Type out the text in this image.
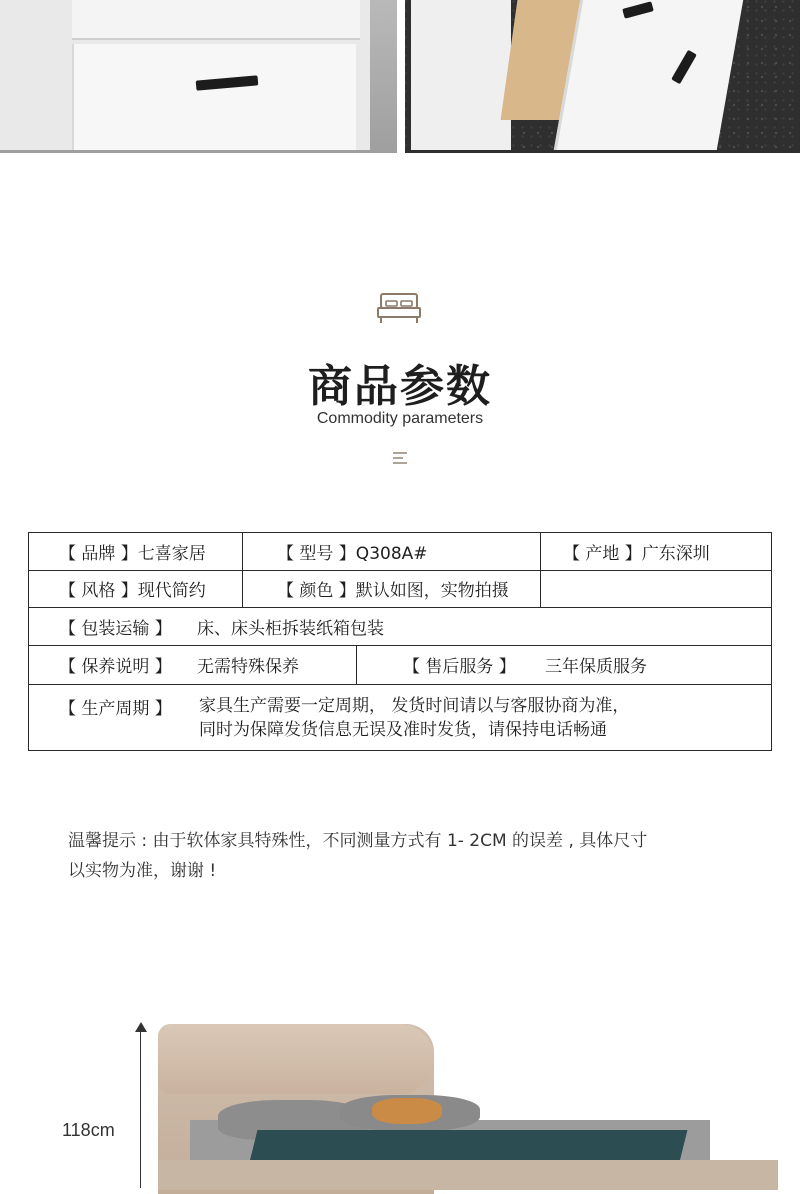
商品参数
Commodity parameters
【 品牌 】七喜家居	【 型号 】Q308A#	【 产地 】广东深圳
【 风格 】现代简约	【 颜色 】默认如图，实物拍摄
【 包装运输 】	床、床头柜拆装纸箱包装
【 保养说明 】	无需特殊保养	【 售后服务 】	三年保质服务
【 生产周期 】	家具生产需要一定周期， 发货时间请以与客服协商为准，
同时为保障发货信息无误及准时发货，请保持电话畅通
温馨提示 : 由于软体家具特殊性，不同测量方式有 1- 2CM 的误差 , 具体尺寸
以实物为准，谢谢 !
118cm
